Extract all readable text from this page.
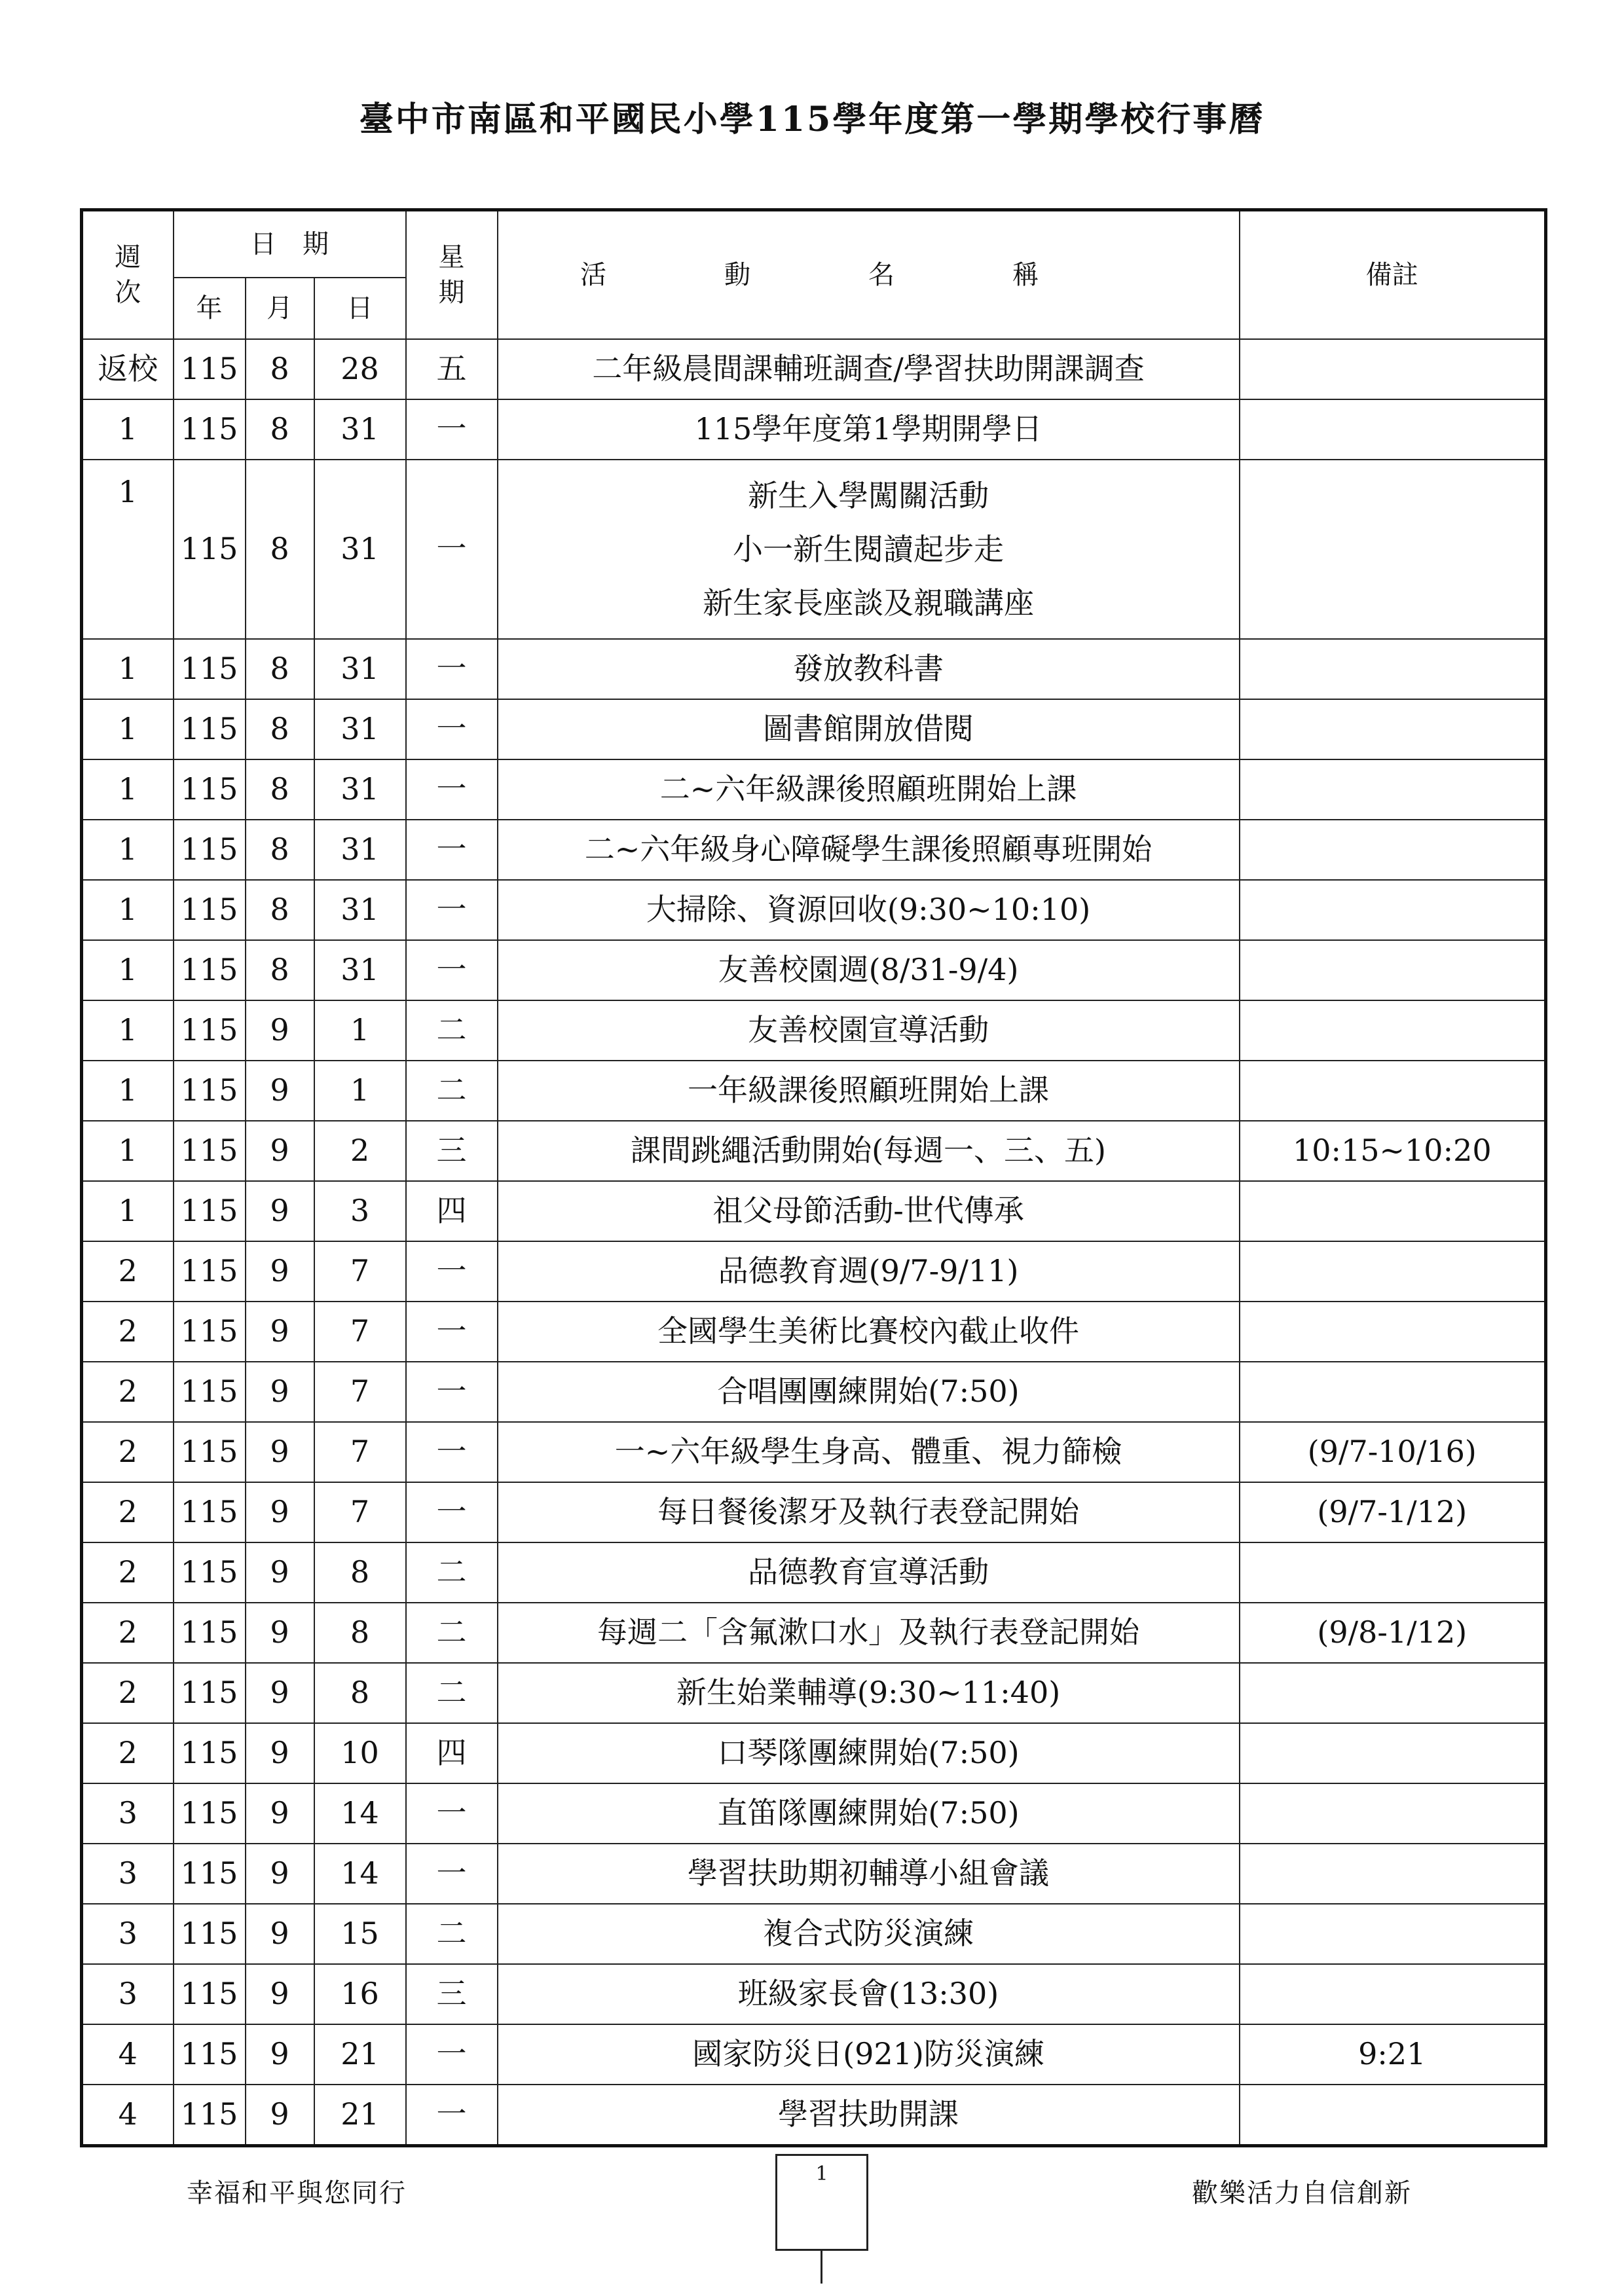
臺中市南區和平國民小學115學年度第一學期學校行事曆
週次	日　期			星期	活動名稱	備註
	年	月	日			
返校	115	8	28	五	二年級晨間課輔班調查/學習扶助開課調查	

1	115	8	31	一	115學年度第1學期開學日	

1	115	8	31	一	新生入學闖關活動
小一新生閱讀起步走
新生家長座談及親職講座	

1	115	8	31	一	發放教科書	

1	115	8	31	一	圖書館開放借閱	

1	115	8	31	一	二~六年級課後照顧班開始上課	

1	115	8	31	一	二~六年級身心障礙學生課後照顧專班開始	

1	115	8	31	一	大掃除、資源回收(9:30~10:10)	

1	115	8	31	一	友善校園週(8/31-9/4)	

1	115	9	1	二	友善校園宣導活動	

1	115	9	1	二	一年級課後照顧班開始上課	

1	115	9	2	三	課間跳繩活動開始(每週一、三、五)	10:15~10:20
1	115	9	3	四	祖父母節活動-世代傳承	

2	115	9	7	一	品德教育週(9/7-9/11)	

2	115	9	7	一	全國學生美術比賽校內截止收件	

2	115	9	7	一	合唱團團練開始(7:50)	

2	115	9	7	一	一~六年級學生身高、體重、視力篩檢	(9/7-10/16)
2	115	9	7	一	每日餐後潔牙及執行表登記開始	(9/7-1/12)
2	115	9	8	二	品德教育宣導活動	

2	115	9	8	二	每週二「含氟漱口水」及執行表登記開始	(9/8-1/12)
2	115	9	8	二	新生始業輔導(9:30~11:40)	

2	115	9	10	四	口琴隊團練開始(7:50)	

3	115	9	14	一	直笛隊團練開始(7:50)	

3	115	9	14	一	學習扶助期初輔導小組會議	

3	115	9	15	二	複合式防災演練	

3	115	9	16	三	班級家長會(13:30)	

4	115	9	21	一	國家防災日(921)防災演練	9:21
4	115	9	21	一	學習扶助開課	

幸福和平與您同行
1
歡樂活力自信創新
